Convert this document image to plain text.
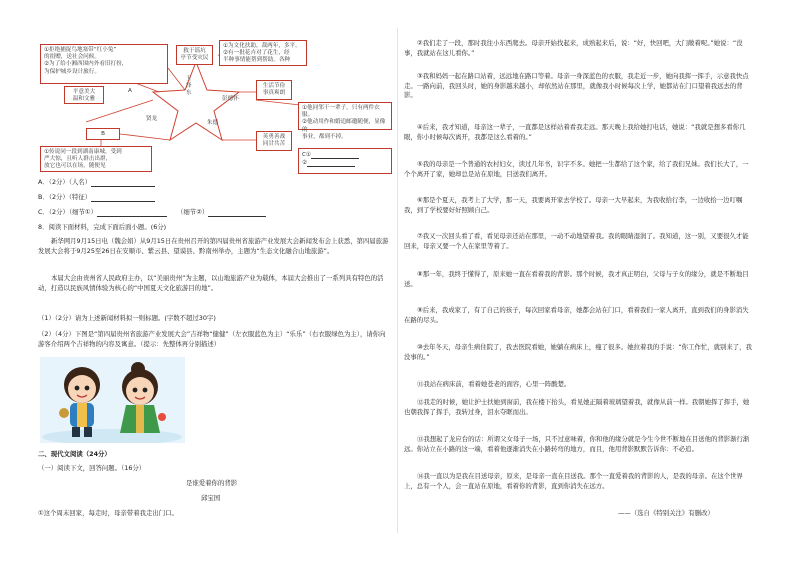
①拒绝捕捉鸟地塞带“红小兔”
的捐赠，送社会问候。
②为了给小湘西围内外看旧打扮，
为保护城乡设计旅行。
救于谣坑
亭节受灾民
①为文化扶助，裁两年，多平。
②有一批花卉对了花生，经
半种事情能帮到帮助。各种
平意美大
温和文雅
A
B
贤龙
王泽东
彭德怀
朱德
生活节俭
事真爽朗
①他同邻干一辈子，只有两件衣服。
②他动用作和婚追邮邀随便，显像的
事业，都到不掉。
英勇善战
同甘共苦
C①
②
①传说同一段到湖南康城，受到
严大惊，且听人群击出群，
放它也可以在场，随便见
A．（2分）（人名）
B．（2分）（特征）
C．（2分）（细节①）	（细节②）
8．阅读下面材料，完成下面后面小题。(6分)
新华网月9月15日电（魏会娟）从9月15日在贵州召开的第四届贵州省旅游产业发展大会新闻发布会上获悉，第四届旅游发展大会将于9月25至26日在安顺市、紫云县、望谟县、黔南州举办，主题为“生态文化融合山地旅游”。
本届大会由贵州省人民政府主办，以“美丽贵州”为主题，以山地旅游产业为载体，本届大会推出了一系列具有特色的活动，打造以民族风情体验为核心的“中国夏天文化旅游目的地”。
（1）（2分）请为上述新闻材料拟一则标题。(字数不超过30字)
（2）（4分）下图是“第四届贵州省旅游产业发展大会”吉祥物“健健”（左衣服蓝色为主）“乐乐”（右衣服绿色为主），请你向游客介绍两个吉祥物的内容及寓意。（提示：先整体再分别描述）
二、现代文阅读（24分）
（一）阅读下文，回答问题。（16分）
是谁爱着你的背影
邱宝国
①这个周末回家，每走时，母亲带着我走出门口。
②我们走了一段，那时我往小东西爬去。母亲开始找起来，成熟起来后，说：“好，快回吧，大门敞着呢。”她说：“没事，我就站在这儿看你。”
③我和妈妈一起在路口站着，远远地在路口等着。母亲一身深蓝色的衣服，我走近一步，她向我挥一挥手，示意我快点走。一路向前，我回头时，她的身影越来越小，却依然站在那里，就像我小时候每次上学，她都站在门口望着我远去的背影。
④后来，我才知道，母亲这一辈子，一直都是这样站着看我走远。那天晚上我给她打电话，她说：“我就是想多看你几眼，你小时候每次离开，我都是这么看着的。”
⑤我的母亲是一个普通的农村妇女，读过几年书，识字不多。她把一生都给了这个家，给了我们兄妹。我们长大了，一个个离开了家，她却总是站在原地，目送我们离开。
⑥那是个夏天，我考上了大学，那一天，我要离开家去学校了。母亲一大早起来，为我收拾行李，一边收拾一边叮嘱我，到了学校要好好照顾自己。
⑦我又一次回头看了看，看见母亲还站在那里，一动不动地望着我。我的眼睛湿润了。我知道，这一别，又要很久才能回来，母亲又要一个人在家里等着了。
⑧那一年，我终于懂得了，原来她一直在看着我的背影。那个时候，我才真正明白，父母与子女的缘分，就是不断地目送。
⑨后来，我成家了，有了自己的孩子，每次回家看母亲，她都会站在门口，看着我们一家人离开，直到我们的身影消失在路的尽头。
⑩去年冬天，母亲生病住院了，我去医院看她，她躺在病床上，瘦了很多。她拉着我的手说：“你工作忙，就别来了，我没事的。”
⑪我站在病床前，看着她苍老的面容，心里一阵酸楚。
⑫我走的时候，她让护士扶她到窗前，我在楼下抬头，看见她正隔着玻璃望着我，就像从前一样。我朝她挥了挥手，她也朝我挥了挥手，我转过身，泪水夺眶而出。
⑬我想起了龙应台的话：所谓父女母子一场，只不过意味着，你和他的缘分就是今生今世不断地在目送他的背影渐行渐远。你站立在小路的这一端，看着他逐渐消失在小路转弯的地方，而且，他用背影默默告诉你：不必追。
⑭我一直以为是我在目送母亲，原来，是母亲一直在目送我。那个一直爱着我的背影的人，是我的母亲。在这个世界上，总有一个人，会一直站在原地，看着你的背影，直到你消失在远方。
——（选自《特别关注》有删改）
